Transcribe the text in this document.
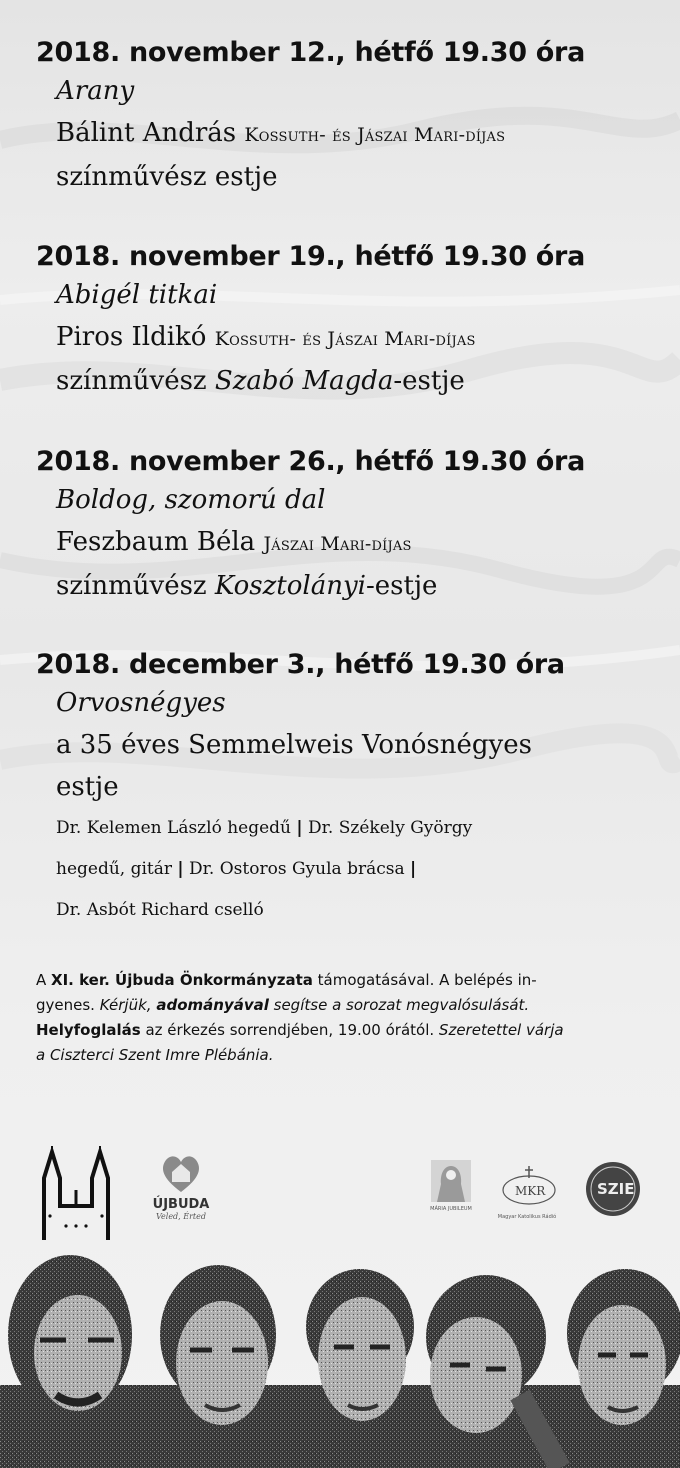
2018. november 12., hétfő 19.30 óra
Arany
Bálint András Kossuth- és Jászai Mari-díjas
színművész estje
2018. november 19., hétfő 19.30 óra
Abigél titkai
Piros Ildikó Kossuth- és Jászai Mari-díjas
színművész Szabó Magda-estje
2018. november 26., hétfő 19.30 óra
Boldog, szomorú dal
Feszbaum Béla Jászai Mari-díjas
színművész Kosztolányi-estje
2018. december 3., hétfő 19.30 óra
Orvosnégyes
a 35 éves Semmelweis Vonósnégyes
estje
Dr. Kelemen László hegedű | Dr. Székely György
hegedű, gitár | Dr. Ostoros Gyula brácsa |
Dr. Asbót Richard cselló
A XI. ker. Újbuda Önkormányzata támogatásával. A belépés in-
gyenes. Kérjük, adományával segítse a sorozat megvalósulását.
Helyfoglalás az érkezés sorrendjében, 19.00 órától. Szeretettel várja
a Ciszterci Szent Imre Plébánia.
ÚJBUDA
Veled, Érted
MÁRIA JUBILEUM
MKR
Magyar Katolikus Rádió
SZIE
